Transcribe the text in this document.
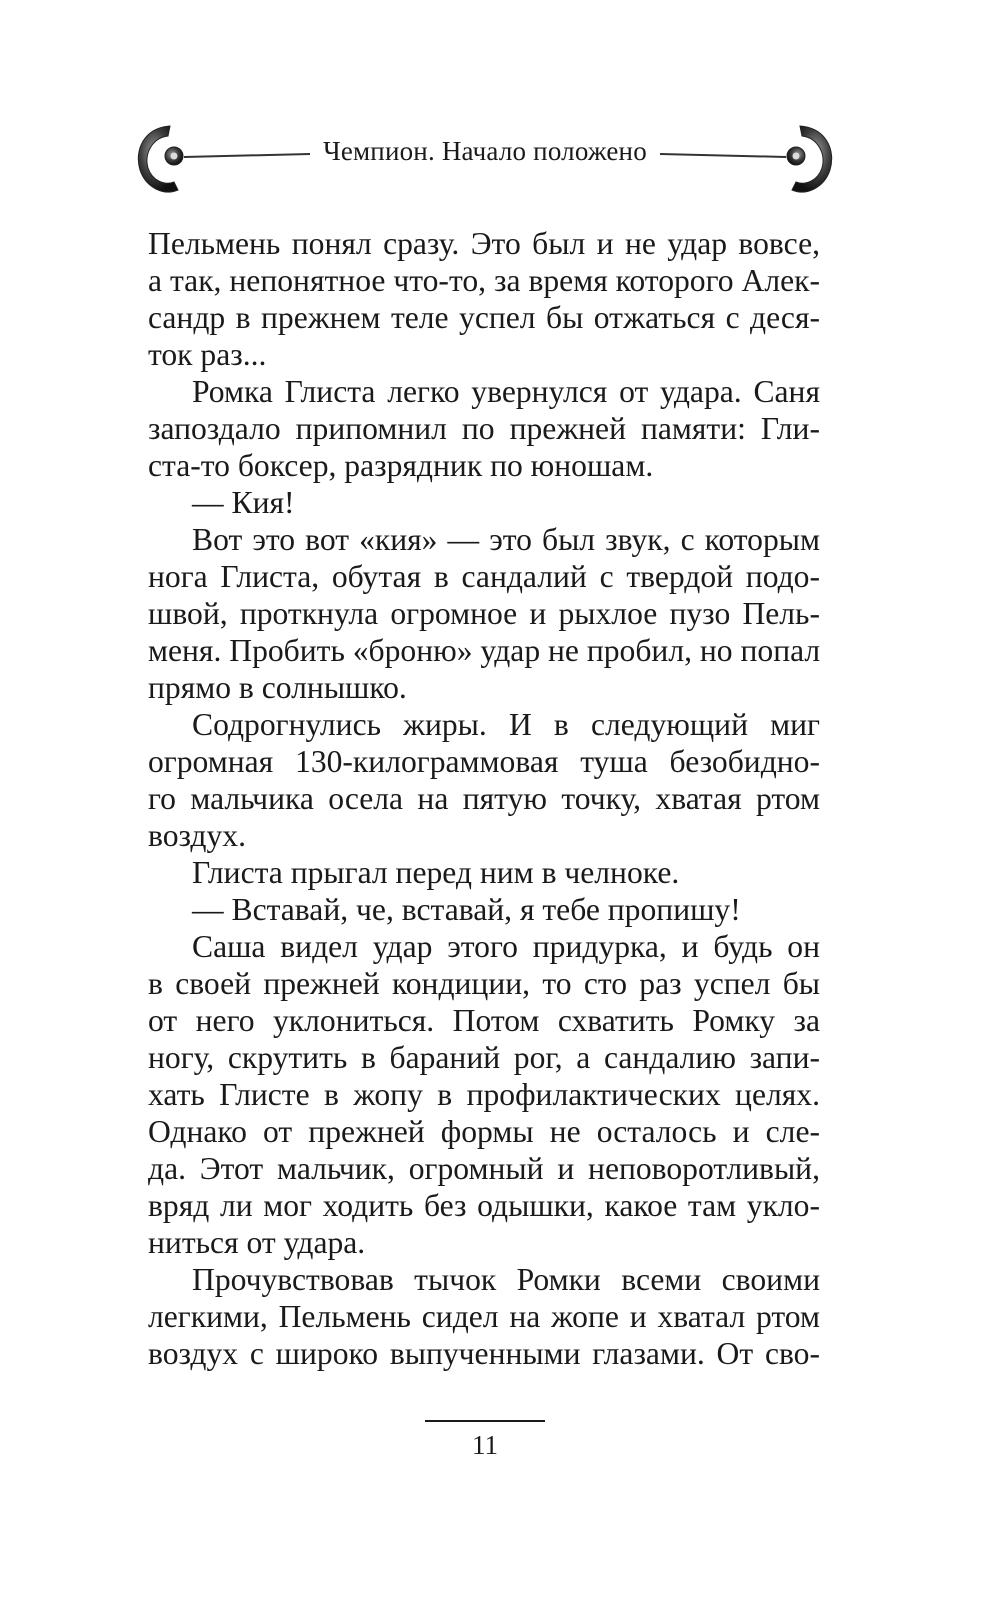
Чемпион. Начало положено
Пельмень понял сразу. Это был и не удар вовсе,
а так, непонятное что-то, за время которого Алек-
сандр в прежнем теле успел бы отжаться с деся-
ток раз...
Ромка Глиста легко увернулся от удара. Саня
запоздало припомнил по прежней памяти: Гли-
ста-то боксер, разрядник по юношам.
— Кия!
Вот это вот «кия» — это был звук, с которым
нога Глиста, обутая в сандалий с твердой подо-
швой, проткнула огромное и рыхлое пузо Пель-
меня. Пробить «броню» удар не пробил, но попал
прямо в солнышко.
Содрогнулись жиры. И в следующий миг
огромная 130-килограммовая туша безобидно-
го мальчика осела на пятую точку, хватая ртом
воздух.
Глиста прыгал перед ним в челноке.
— Вставай, че, вставай, я тебе пропишу!
Саша видел удар этого придурка, и будь он
в своей прежней кондиции, то сто раз успел бы
от него уклониться. Потом схватить Ромку за
ногу, скрутить в бараний рог, а сандалию запи-
хать Глисте в жопу в профилактических целях.
Однако от прежней формы не осталось и сле-
да. Этот мальчик, огромный и неповоротливый,
вряд ли мог ходить без одышки, какое там укло-
ниться от удара.
Прочувствовав тычок Ромки всеми своими
легкими, Пельмень сидел на жопе и хватал ртом
воздух с широко выпученными глазами. От сво-
11
